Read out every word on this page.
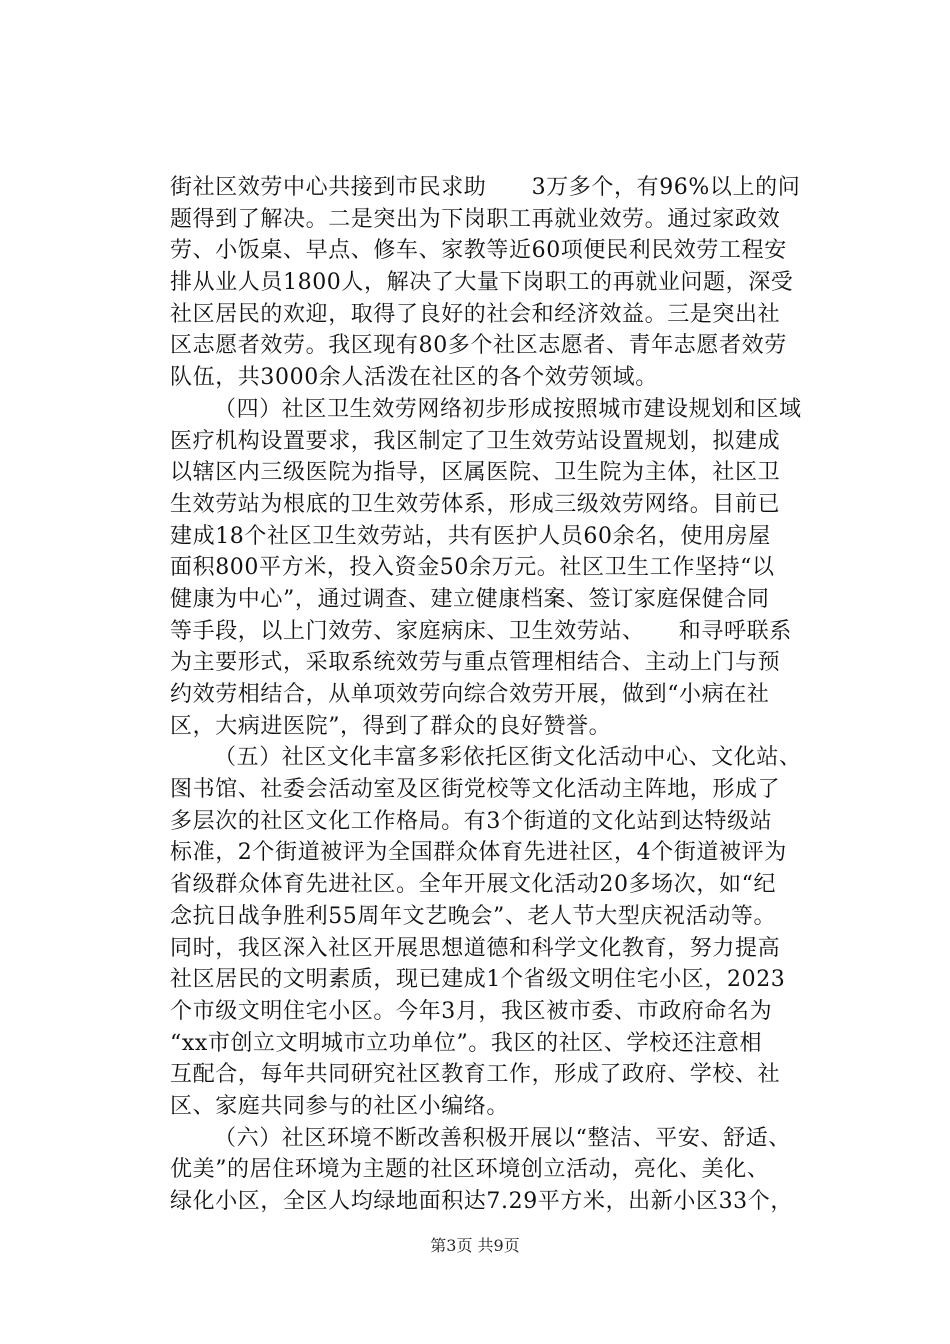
街社区效劳中心共接到市民求助　　3万多个，有96%以上的问
题得到了解决。二是突出为下岗职工再就业效劳。通过家政效
劳、小饭桌、早点、修车、家教等近60项便民利民效劳工程安
排从业人员1800人，解决了大量下岗职工的再就业问题，深受
社区居民的欢迎，取得了良好的社会和经济效益。三是突出社
区志愿者效劳。我区现有80多个社区志愿者、青年志愿者效劳
队伍，共3000余人活泼在社区的各个效劳领域。
（四）社区卫生效劳网络初步形成按照城市建设规划和区域
医疗机构设置要求，我区制定了卫生效劳站设置规划，拟建成
以辖区内三级医院为指导，区属医院、卫生院为主体，社区卫
生效劳站为根底的卫生效劳体系，形成三级效劳网络。目前已
建成18个社区卫生效劳站，共有医护人员60余名，使用房屋
面积800平方米，投入资金50余万元。社区卫生工作坚持“以
健康为中心”，通过调查、建立健康档案、签订家庭保健合同
等手段，以上门效劳、家庭病床、卫生效劳站、　　和寻呼联系
为主要形式，采取系统效劳与重点管理相结合、主动上门与预
约效劳相结合，从单项效劳向综合效劳开展，做到“小病在社
区，大病进医院”，得到了群众的良好赞誉。
（五）社区文化丰富多彩依托区街文化活动中心、文化站、
图书馆、社委会活动室及区街党校等文化活动主阵地，形成了
多层次的社区文化工作格局。有3个街道的文化站到达特级站
标准，2个街道被评为全国群众体育先进社区，4个街道被评为
省级群众体育先进社区。全年开展文化活动20多场次，如“纪
念抗日战争胜利55周年文艺晚会”、老人节大型庆祝活动等。
同时，我区深入社区开展思想道德和科学文化教育，努力提高
社区居民的文明素质，现已建成1个省级文明住宅小区，2023
个市级文明住宅小区。今年3月，我区被市委、市政府命名为
“xx市创立文明城市立功单位”。我区的社区、学校还注意相
互配合，每年共同研究社区教育工作，形成了政府、学校、社
区、家庭共同参与的社区小编络。
（六）社区环境不断改善积极开展以“整洁、平安、舒适、
优美”的居住环境为主题的社区环境创立活动，亮化、美化、
绿化小区，全区人均绿地面积达7.29平方米，出新小区33个，
第3页 共9页
